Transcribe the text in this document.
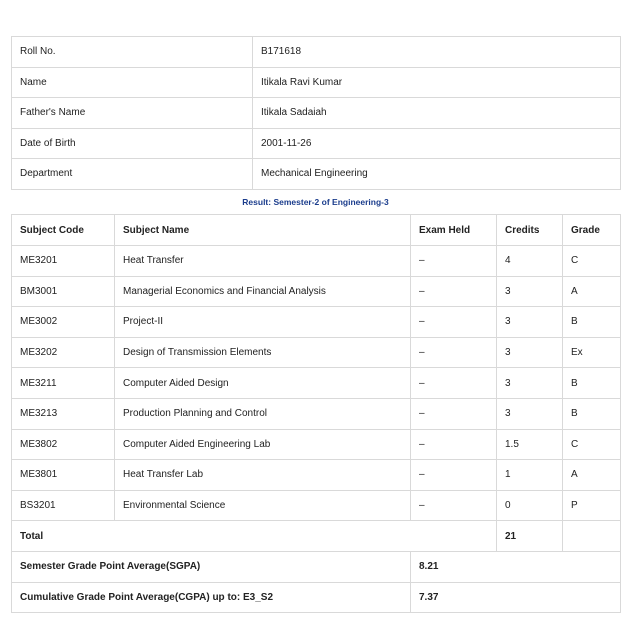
Roll No.	B171618
Name	Itikala Ravi Kumar
Father's Name	Itikala Sadaiah
Date of Birth	2001-11-26
Department	Mechanical Engineering
Result: Semester-2 of Engineering-3
Subject Code	Subject Name	Exam Held	Credits	Grade
ME3201	Heat Transfer	–	4	C
BM3001	Managerial Economics and Financial Analysis	–	3	A
ME3002	Project-II	–	3	B
ME3202	Design of Transmission Elements	–	3	Ex
ME3211	Computer Aided Design	–	3	B
ME3213	Production Planning and Control	–	3	B
ME3802	Computer Aided Engineering Lab	–	1.5	C
ME3801	Heat Transfer Lab	–	1	A
BS3201	Environmental Science	–	0	P
Total			21	
Semester Grade Point Average(SGPA)		8.21		
Cumulative Grade Point Average(CGPA) up to: E3_S2		7.37		
